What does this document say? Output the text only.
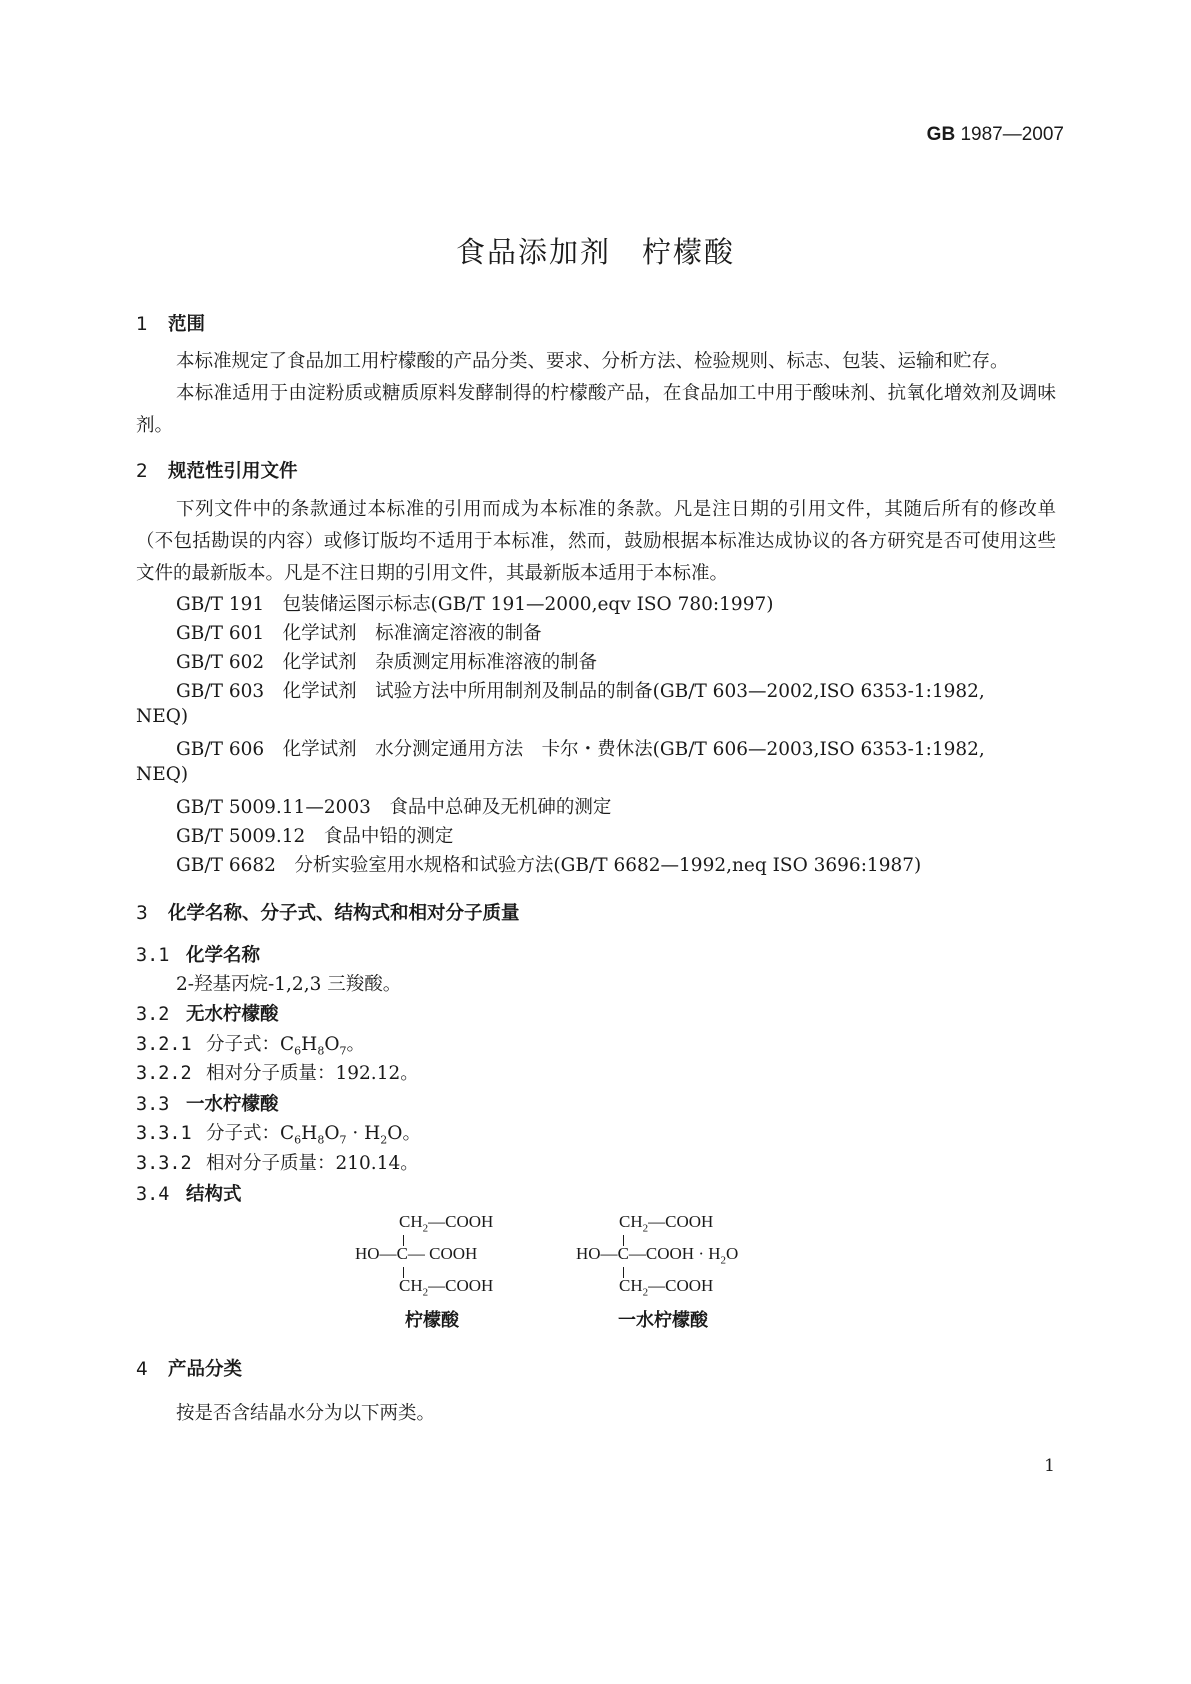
GB 1987—2007
食品添加剂　柠檬酸
1 范围
本标准规定了食品加工用柠檬酸的产品分类、要求、分析方法、检验规则、标志、包装、运输和贮存。
本标准适用于由淀粉质或糖质原料发酵制得的柠檬酸产品，在食品加工中用于酸味剂、抗氧化增效剂及调味剂。
2 规范性引用文件
下列文件中的条款通过本标准的引用而成为本标准的条款。凡是注日期的引用文件，其随后所有的修改单（不包括勘误的内容）或修订版均不适用于本标准，然而，鼓励根据本标准达成协议的各方研究是否可使用这些文件的最新版本。凡是不注日期的引用文件，其最新版本适用于本标准。
GB/T 191　包装储运图示标志(GB/T 191—2000,eqv ISO 780:1997)
GB/T 601　化学试剂　标准滴定溶液的制备
GB/T 602　化学试剂　杂质测定用标准溶液的制备
GB/T 603　化学试剂　试验方法中所用制剂及制品的制备(GB/T 603—2002,ISO 6353-1:1982,
NEQ)
GB/T 606　化学试剂　水分测定通用方法　卡尔・费休法(GB/T 606—2003,ISO 6353-1:1982,
NEQ)
GB/T 5009.11—2003　食品中总砷及无机砷的测定
GB/T 5009.12　食品中铅的测定
GB/T 6682　分析实验室用水规格和试验方法(GB/T 6682—1992,neq ISO 3696:1987)
3 化学名称、分子式、结构式和相对分子质量
3.1 化学名称
2-羟基丙烷-1,2,3 三羧酸。
3.2 无水柠檬酸
3.2.1 分子式：$C_6H_8O_7$。
3.2.2 相对分子质量：192.12。
3.3 一水柠檬酸
3.3.1 分子式：$C_6H_8O_7 \cdot H_2O$。
3.3.2 相对分子质量：210.14。
3.4 结构式
$CH_2—COOH$
HO—C— COOH
$CH_2—COOH$
柠檬酸
$CH_2—COOH$
HO—C—COOH · $H_2O$
$CH_2—COOH$
一水柠檬酸
4 产品分类
按是否含结晶水分为以下两类。
1
